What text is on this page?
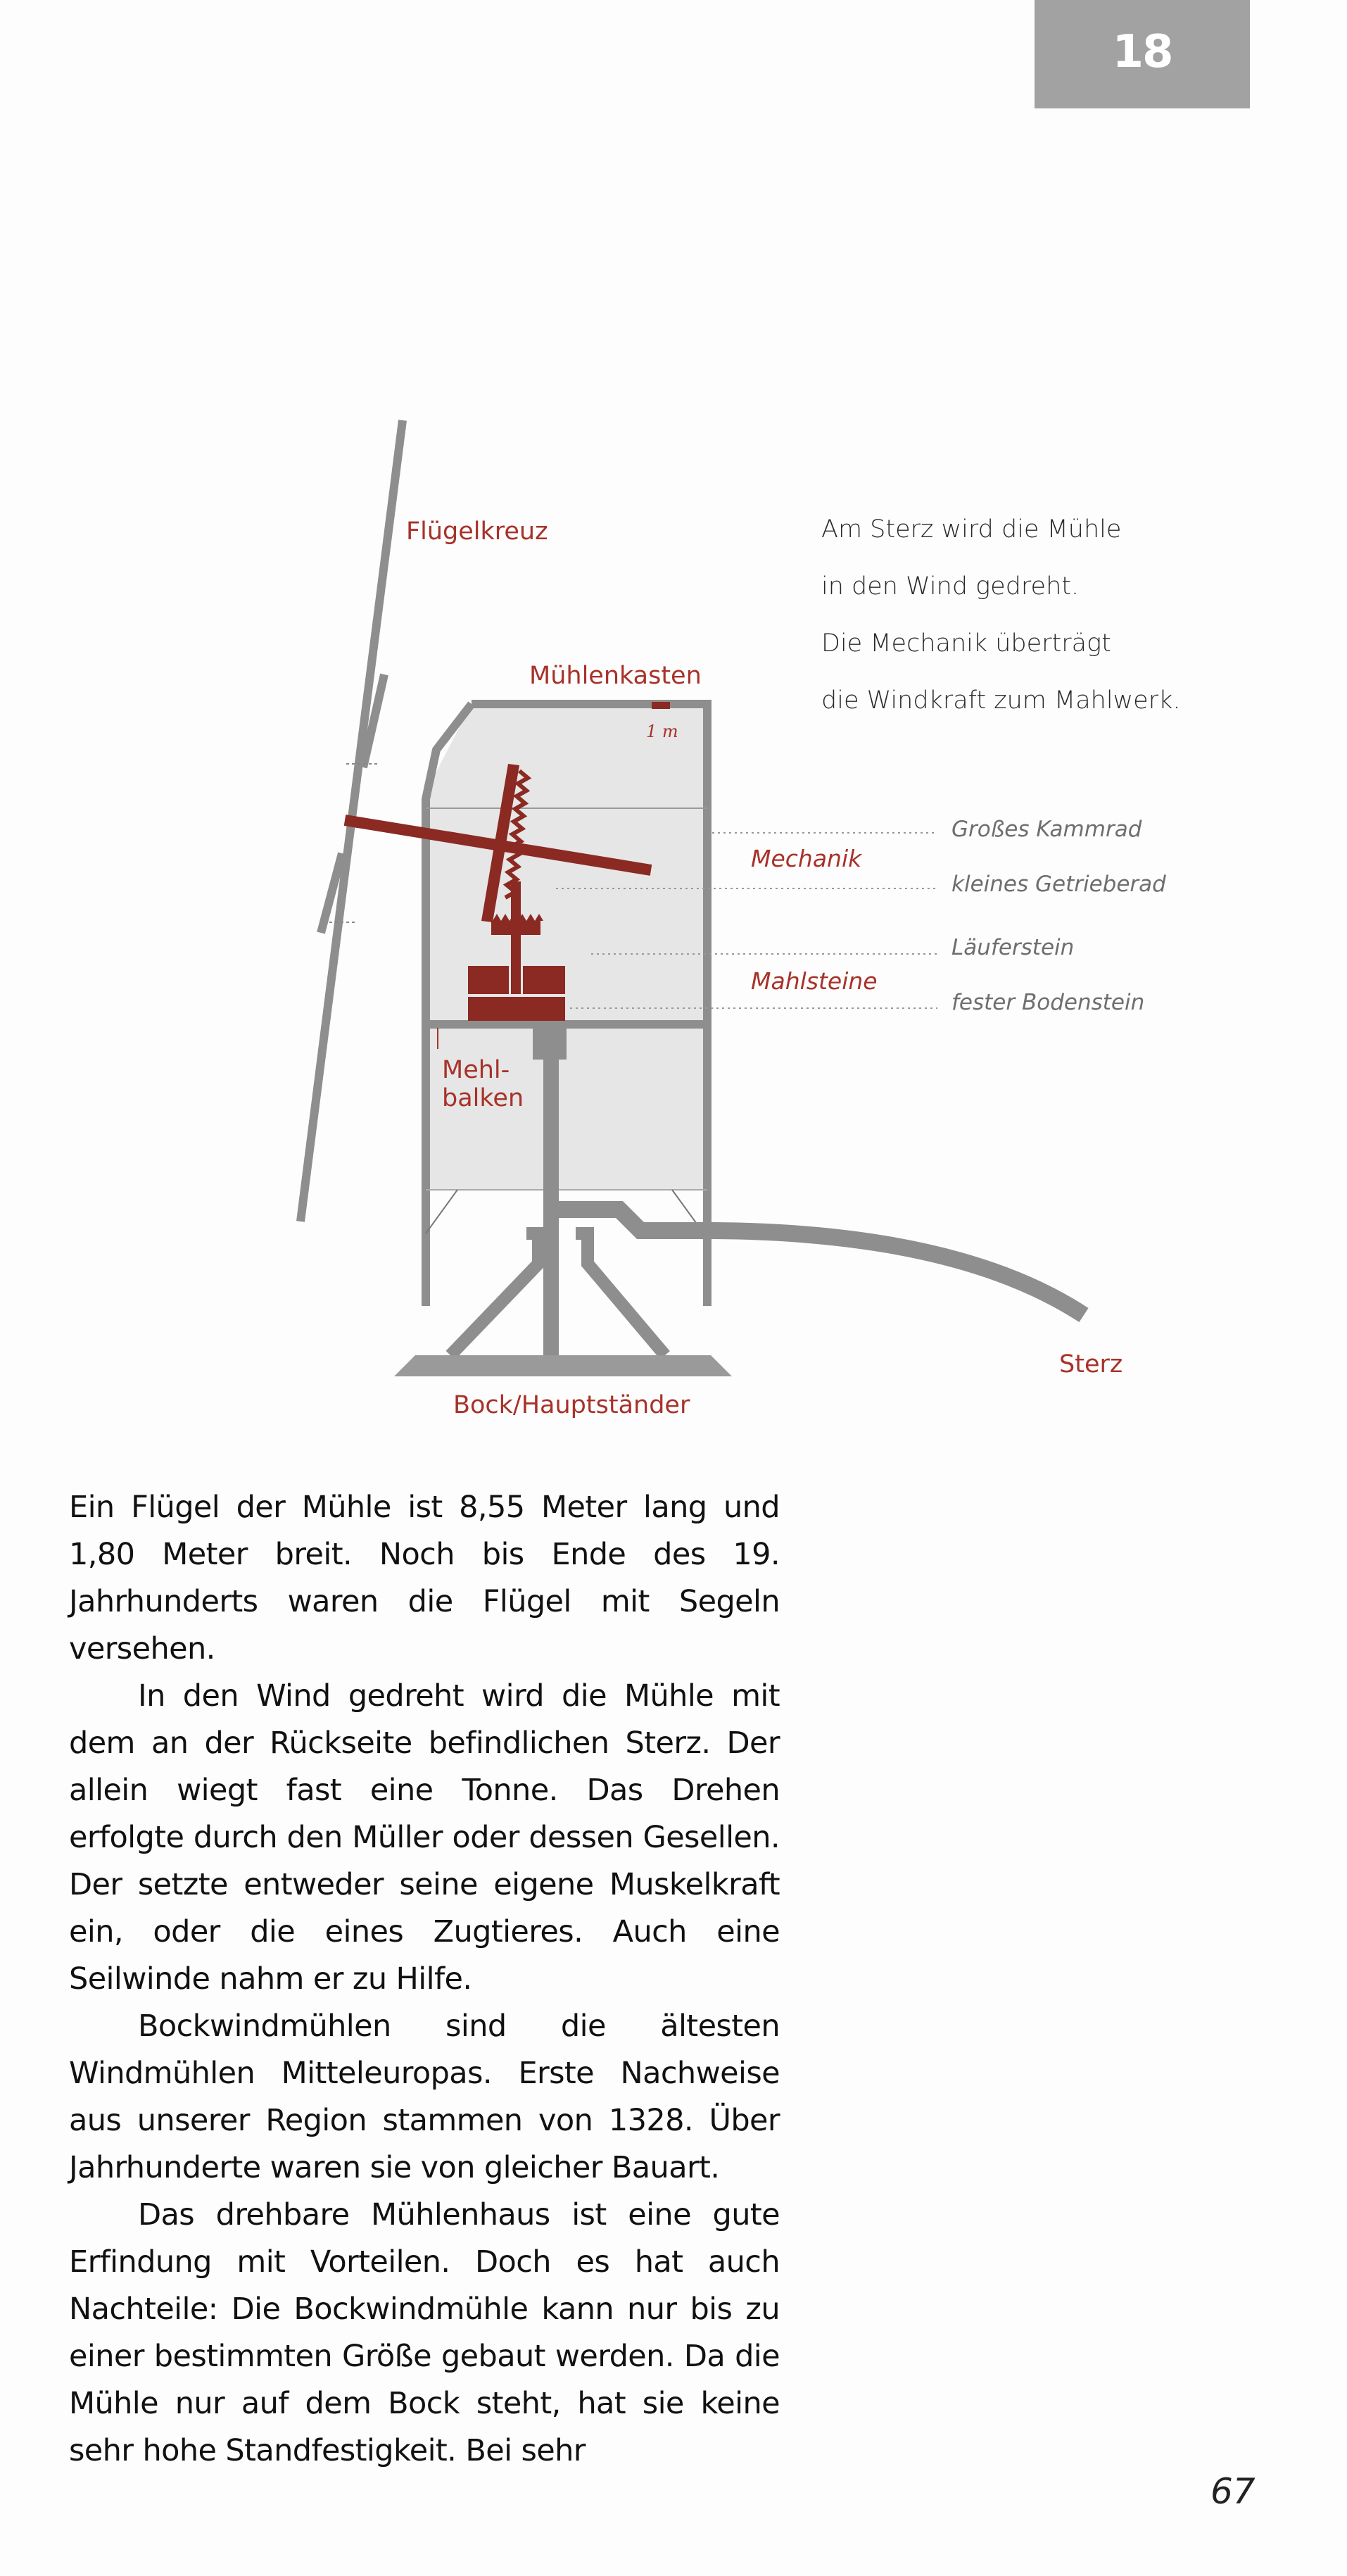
18
Flügelkreuz
Mühlenkasten
1 m
Mechanik
Mahlsteine
Mehl-
balken
Sterz
Bock/Hauptständer
Großes Kammrad
kleines Getrieberad
Läuferstein
fester Bodenstein
Am Sterz wird die Mühle
in den Wind gedreht.
Die Mechanik überträgt
die Windkraft zum Mahlwerk.

Ein Flügel der Mühle ist 8,55 Meter lang und 1,80 Meter breit. Noch bis Ende des 19. Jahrhunderts waren die Flügel mit Segeln versehen.

In den Wind gedreht wird die Mühle mit dem an der Rückseite befindlichen Sterz. Der allein wiegt fast eine Tonne. Das Drehen erfolgte durch den Müller oder dessen Gesellen. Der setzte entweder seine eigene Muskelkraft ein, oder die eines Zugtieres. Auch eine Seilwinde nahm er zu Hilfe.

Bockwindmühlen sind die ältesten Windmühlen Mitteleuropas. Erste Nachweise aus unserer Region stammen von 1328. Über Jahrhunderte waren sie von gleicher Bauart.

Das drehbare Mühlenhaus ist eine gute Erfindung mit Vorteilen. Doch es hat auch Nachteile: Die Bockwindmühle kann nur bis zu einer bestimmten Größe gebaut werden. Da die Mühle nur auf dem Bock steht, hat sie keine sehr hohe Standfestigkeit. Bei sehr

67
